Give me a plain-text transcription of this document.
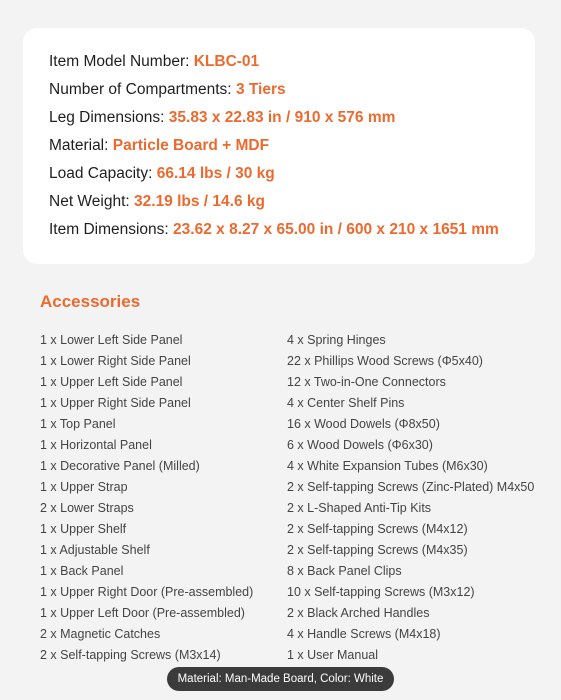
Item Model Number: KLBC-01
Number of Compartments: 3 Tiers
Leg Dimensions: 35.83 x 22.83 in / 910 x 576 mm
Material: Particle Board + MDF
Load Capacity: 66.14 lbs / 30 kg
Net Weight: 32.19 lbs / 14.6 kg
Item Dimensions: 23.62 x 8.27 x 65.00 in / 600 x 210 x 1651 mm
Accessories
1 x Lower Left Side Panel
1 x Lower Right Side Panel
1 x Upper Left Side Panel
1 x Upper Right Side Panel
1 x Top Panel
1 x Horizontal Panel
1 x Decorative Panel (Milled)
1 x Upper Strap
2 x Lower Straps
1 x Upper Shelf
1 x Adjustable Shelf
1 x Back Panel
1 x Upper Right Door (Pre-assembled)
1 x Upper Left Door (Pre-assembled)
2 x Magnetic Catches
2 x Self-tapping Screws (M3x14)
4 x Spring Hinges
22 x Phillips Wood Screws (Φ5x40)
12 x Two-in-One Connectors
4 x Center Shelf Pins
16 x Wood Dowels (Φ8x50)
6 x Wood Dowels (Φ6x30)
4 x White Expansion Tubes (M6x30)
2 x Self-tapping Screws (Zinc-Plated) M4x50
2 x L-Shaped Anti-Tip Kits
2 x Self-tapping Screws (M4x12)
2 x Self-tapping Screws (M4x35)
8 x Back Panel Clips
10 x Self-tapping Screws (M3x12)
2 x Black Arched Handles
4 x Handle Screws (M4x18)
1 x User Manual
Material: Man-Made Board, Color: White
